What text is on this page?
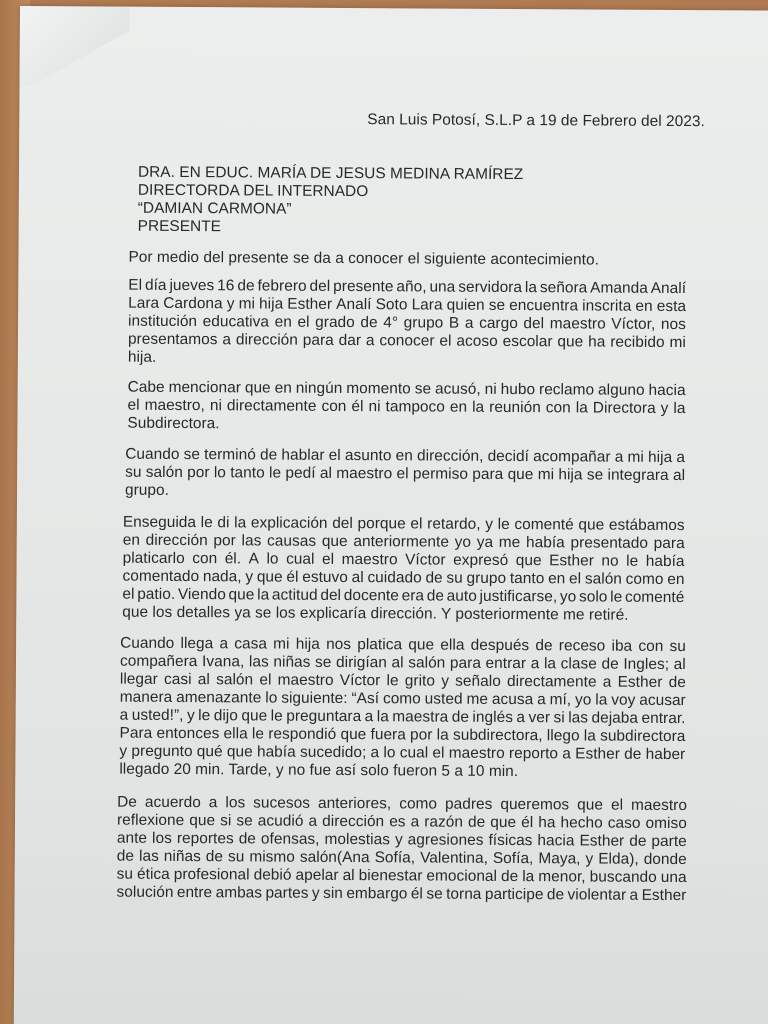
San Luis Potosí, S.L.P a 19 de Febrero del 2023.
DRA. EN EDUC. MARÍA DE JESUS MEDINA RAMÍREZ
DIRECTORDA DEL INTERNADO
“DAMIAN CARMONA”
PRESENTE
Por medio del presente se da a conocer el siguiente acontecimiento.
El día jueves 16 de febrero del presente año, una servidora la señora Amanda Analí
Lara Cardona y mi hija Esther Analí Soto Lara quien se encuentra inscrita en esta
institución educativa en el grado de 4° grupo B a cargo del maestro Víctor, nos
presentamos a dirección para dar a conocer el acoso escolar que ha recibido mi
hija.
Cabe mencionar que en ningún momento se acusó, ni hubo reclamo alguno hacia
el maestro, ni directamente con él ni tampoco en la reunión con la Directora y la
Subdirectora.
Cuando se terminó de hablar el asunto en dirección, decidí acompañar a mi hija a
su salón por lo tanto le pedí al maestro el permiso para que mi hija se integrara al
grupo.
Enseguida le di la explicación del porque el retardo, y le comenté que estábamos
en dirección por las causas que anteriormente yo ya me había presentado para
platicarlo con él. A lo cual el maestro Víctor expresó que Esther no le había
comentado nada, y que él estuvo al cuidado de su grupo tanto en el salón como en
el patio. Viendo que la actitud del docente era de auto justificarse, yo solo le comenté
que los detalles ya se los explicaría dirección. Y posteriormente me retiré.
Cuando llega a casa mi hija nos platica que ella después de receso iba con su
compañera Ivana, las niñas se dirigían al salón para entrar a la clase de Ingles; al
llegar casi al salón el maestro Víctor le grito y señalo directamente a Esther de
manera amenazante lo siguiente: “Así como usted me acusa a mí, yo la voy acusar
a usted!”, y le dijo que le preguntara a la maestra de inglés a ver si las dejaba entrar.
Para entonces ella le respondió que fuera por la subdirectora, llego la subdirectora
y pregunto qué que había sucedido; a lo cual el maestro reporto a Esther de haber
llegado 20 min. Tarde, y no fue así solo fueron 5 a 10 min.
De acuerdo a los sucesos anteriores, como padres queremos que el maestro
reflexione que si se acudió a dirección es a razón de que él ha hecho caso omiso
ante los reportes de ofensas, molestias y agresiones físicas hacia Esther de parte
de las niñas de su mismo salón(Ana Sofía, Valentina, Sofía, Maya, y Elda), donde
su ética profesional debió apelar al bienestar emocional de la menor, buscando una
solución entre ambas partes y sin embargo él se torna participe de violentar a Esther
